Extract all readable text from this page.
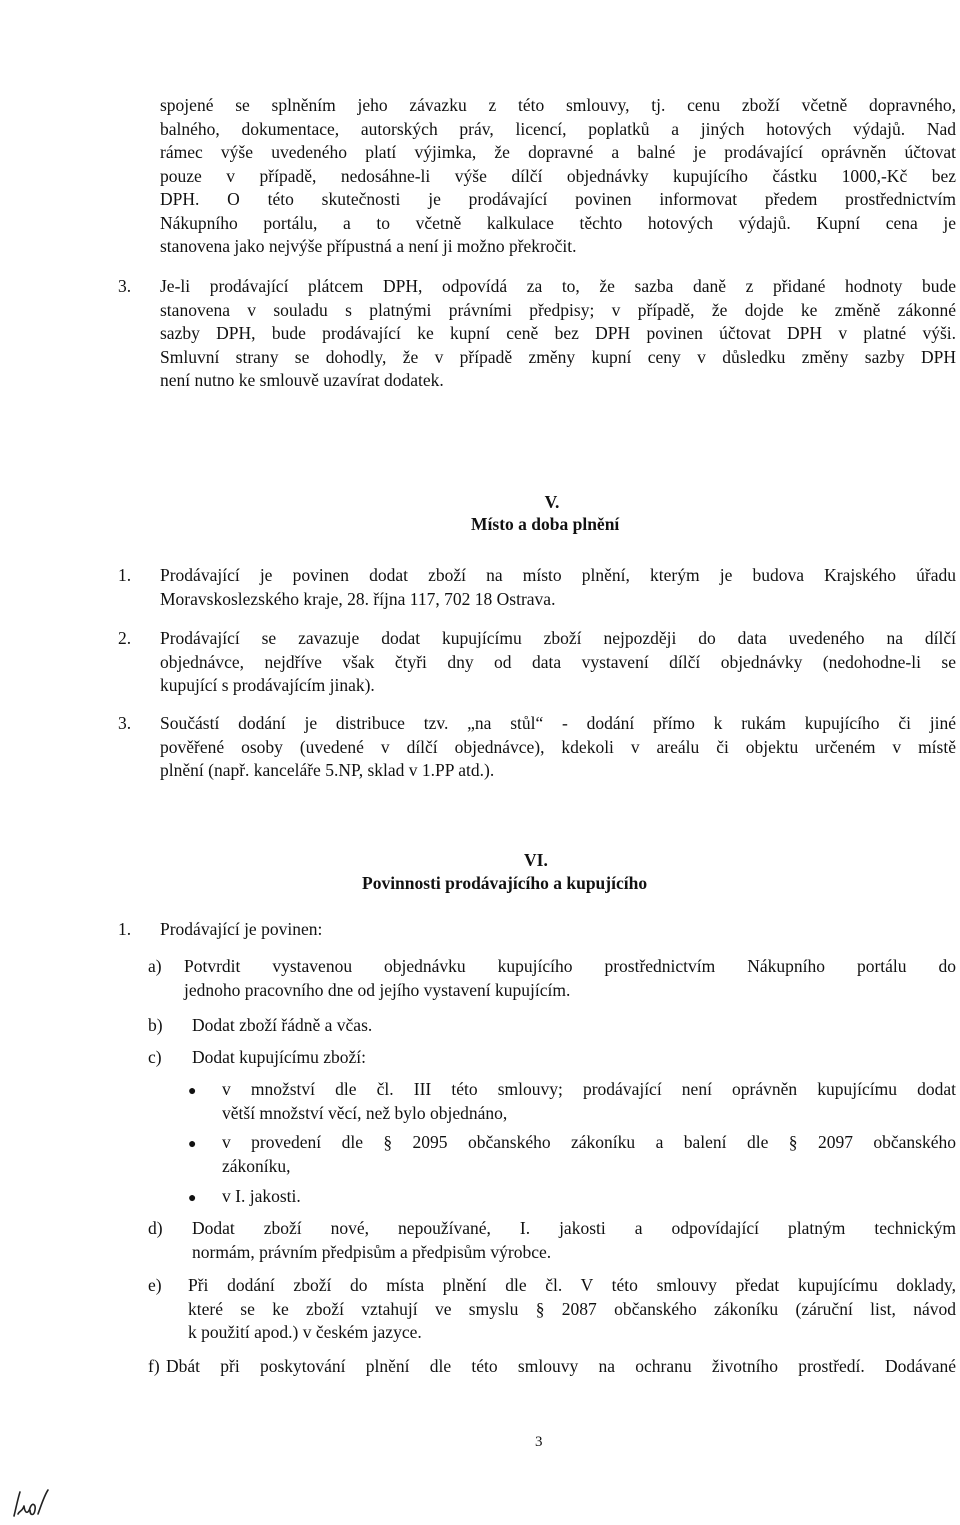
spojené se splněním jeho závazku z této smlouvy, tj. cenu zboží včetně dopravného,
balného, dokumentace, autorských práv, licencí, poplatků a jiných hotových výdajů. Nad
rámec výše uvedeného platí výjimka, že dopravné a balné je prodávající oprávněn účtovat
pouze v případě, nedosáhne-li výše dílčí objednávky kupujícího částku 1000,-Kč bez
DPH. O této skutečnosti je prodávající povinen informovat předem prostřednictvím
Nákupního portálu, a to včetně kalkulace těchto hotových výdajů. Kupní cena je
stanovena jako nejvýše přípustná a není ji možno překročit.
3. Je-li prodávající plátcem DPH, odpovídá za to, že sazba daně z přidané hodnoty bude
stanovena v souladu s platnými právními předpisy; v případě, že dojde ke změně zákonné
sazby DPH, bude prodávající ke kupní ceně bez DPH povinen účtovat DPH v platné výši.
Smluvní strany se dohodly, že v případě změny kupní ceny v důsledku změny sazby DPH
není nutno ke smlouvě uzavírat dodatek.
V.
Místo a doba plnění
1. Prodávající je povinen dodat zboží na místo plnění, kterým je budova Krajského úřadu
Moravskoslezského kraje, 28. října 117, 702 18 Ostrava.
2. Prodávající se zavazuje dodat kupujícímu zboží nejpozději do data uvedeného na dílčí
objednávce, nejdříve však čtyři dny od data vystavení dílčí objednávky (nedohodne-li se
kupující s prodávajícím jinak).
3. Součástí dodání je distribuce tzv. „na stůl“ - dodání přímo k rukám kupujícího či jiné
pověřené osoby (uvedené v dílčí objednávce), kdekoli v areálu či objektu určeném v místě
plnění (např. kanceláře 5.NP, sklad v 1.PP atd.).
VI.
Povinnosti prodávajícího a kupujícího
1. Prodávající je povinen:
a) Potvrdit vystavenou objednávku kupujícího prostřednictvím Nákupního portálu do
jednoho pracovního dne od jejího vystavení kupujícím.
b) Dodat zboží řádně a včas.
c) Dodat kupujícímu zboží:
● v množství dle čl. III této smlouvy; prodávající není oprávněn kupujícímu dodat
větší množství věcí, než bylo objednáno,
● v provedení dle § 2095 občanského zákoníku a balení dle § 2097 občanského
zákoníku,
● v I. jakosti.
d) Dodat zboží nové, nepoužívané, I. jakosti a odpovídající platným technickým
normám, právním předpisům a předpisům výrobce.
e) Při dodání zboží do místa plnění dle čl. V této smlouvy předat kupujícímu doklady,
které se ke zboží vztahují ve smyslu § 2087 občanského zákoníku (záruční list, návod
k použití apod.) v českém jazyce.
f) Dbát při poskytování plnění dle této smlouvy na ochranu životního prostředí. Dodávané
3
